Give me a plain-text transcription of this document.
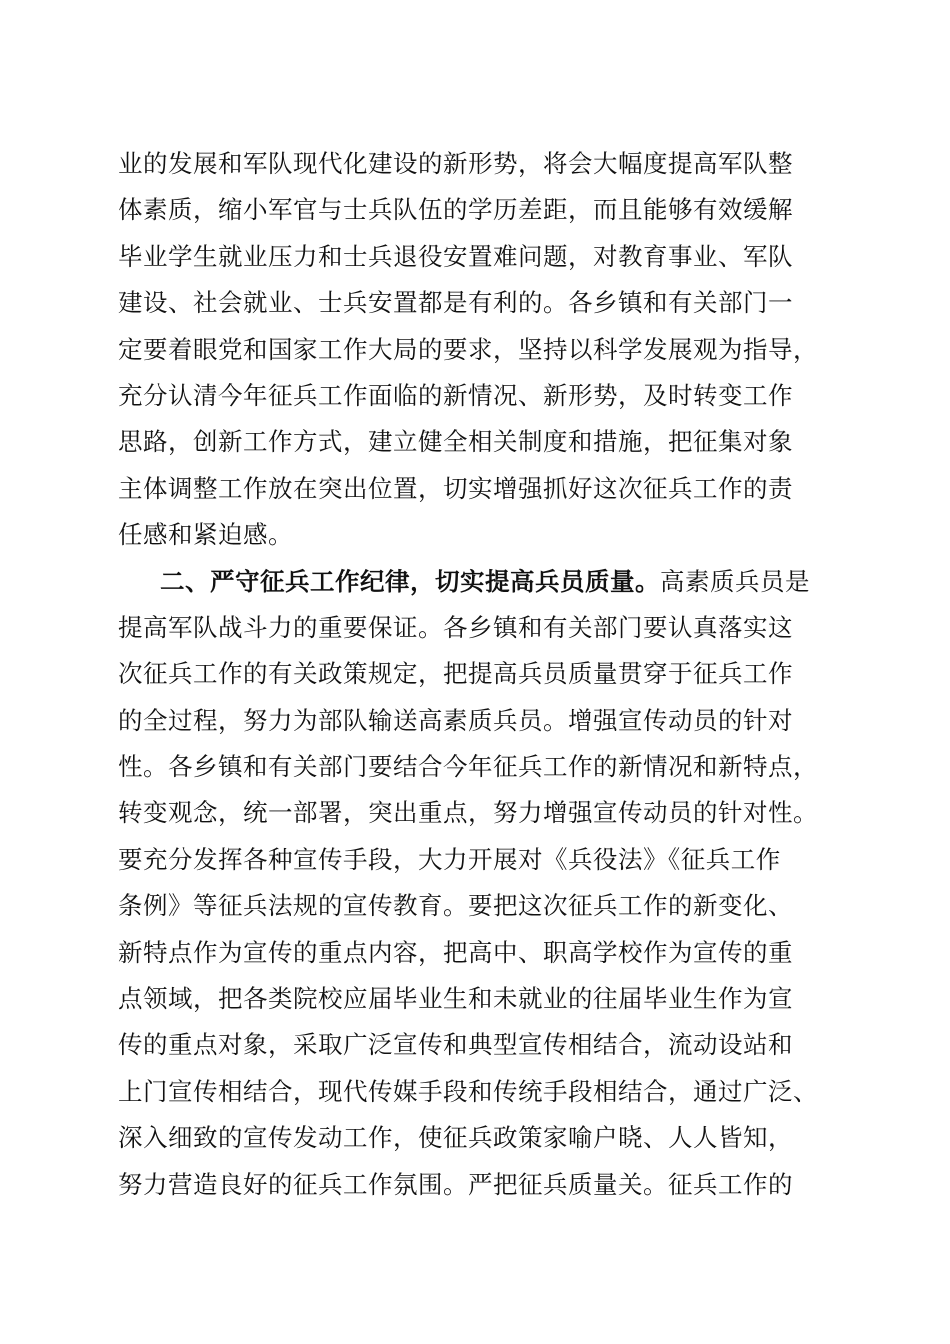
业的发展和军队现代化建设的新形势，将会大幅度提高军队整
体素质，缩小军官与士兵队伍的学历差距，而且能够有效缓解
毕业学生就业压力和士兵退役安置难问题，对教育事业、军队
建设、社会就业、士兵安置都是有利的。各乡镇和有关部门一
定要着眼党和国家工作大局的要求，坚持以科学发展观为指导，
充分认清今年征兵工作面临的新情况、新形势，及时转变工作
思路，创新工作方式，建立健全相关制度和措施，把征集对象
主体调整工作放在突出位置，切实增强抓好这次征兵工作的责
任感和紧迫感。
二、严守征兵工作纪律，切实提高兵员质量。高素质兵员是
提高军队战斗力的重要保证。各乡镇和有关部门要认真落实这
次征兵工作的有关政策规定，把提高兵员质量贯穿于征兵工作
的全过程，努力为部队输送高素质兵员。增强宣传动员的针对
性。各乡镇和有关部门要结合今年征兵工作的新情况和新特点，
转变观念，统一部署，突出重点，努力增强宣传动员的针对性。
要充分发挥各种宣传手段，大力开展对《兵役法》《征兵工作
条例》等征兵法规的宣传教育。要把这次征兵工作的新变化、
新特点作为宣传的重点内容，把高中、职高学校作为宣传的重
点领域，把各类院校应届毕业生和未就业的往届毕业生作为宣
传的重点对象，采取广泛宣传和典型宣传相结合，流动设站和
上门宣传相结合，现代传媒手段和传统手段相结合，通过广泛、
深入细致的宣传发动工作，使征兵政策家喻户晓、人人皆知，
努力营造良好的征兵工作氛围。严把征兵质量关。征兵工作的
